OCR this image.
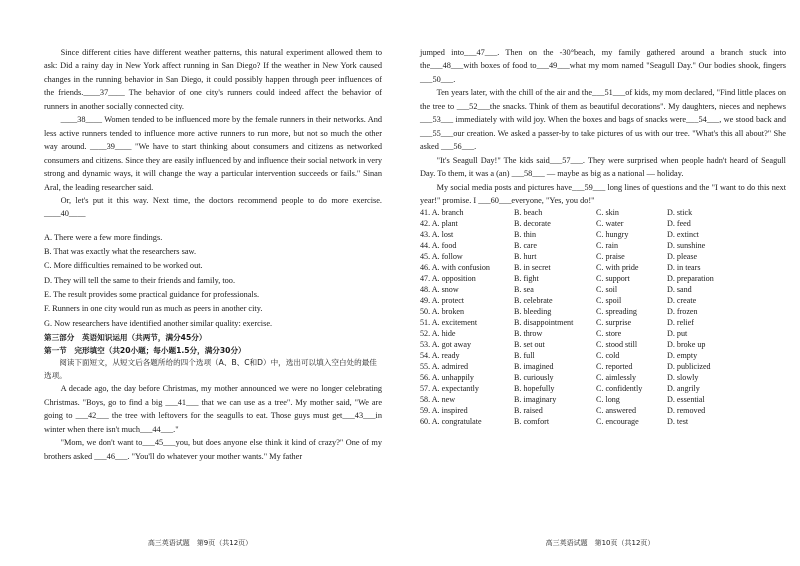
Since different cities have different weather patterns, this natural experiment allowed them to ask: Did a rainy day in New York affect running in San Diego? If the weather in New York caused changes in the running behavior in San Diego, it could possibly happen through peer influences of the friends.____37____ The behavior of one city's runners could indeed affect the behavior of runners in another socially connected city.

____38____ Women tended to be influenced more by the female runners in their networks. And less active runners tended to influence more active runners to run more, but not so much the other way around. ____39____ "We have to start thinking about consumers and citizens as networked consumers and citizens. Since they are easily influenced by and influence their social network in very strong and dynamic ways, it will change the way a particular intervention succeeds or fails." Sinan Aral, the leading researcher said.

Or, let's put it this way. Next time, the doctors recommend people to do more exercise. ____40____

A. There were a few more findings.

B. That was exactly what the researchers saw.

C. More difficulties remained to be worked out.

D. They will tell the same to their friends and family, too.

E. The result provides some practical guidance for professionals.

F. Runners in one city would run as much as peers in another city.

G. Now researchers have identified another similar quality: exercise.

第三部分　英语知识运用（共两节，满分45分）
第一节　完形填空（共20小题；每小题1.5分，满分30分）
阅读下面短文，从短文后各题所给的四个选项（A、B、C和D）中，选出可以填入空白处的最佳选项。

A decade ago, the day before Christmas, my mother announced we were no longer celebrating Christmas. "Boys, go to find a big ___41___ that we can use as a tree". My mother said, "We are going to ___42___ the tree with leftovers for the seagulls to eat. Those guys must get___43___in winter when there isn't much___44___."

"Mom, we don't want to___45___you, but does anyone else think it kind of crazy?" One of my brothers asked ___46___. "You'll do whatever your mother wants." My father

高三英语试题　第9页（共12页）

jumped into___47___. Then on the -30°beach, my family gathered around a branch stuck into the___48___with boxes of food to___49___what my mom named "Seagull Day." Our bodies shook, fingers ___50___.

Ten years later, with the chill of the air and the___51___of kids, my mom declared, "Find little places on the tree to ___52___the snacks. Think of them as beautiful decorations". My daughters, nieces and nephews ___53___ immediately with wild joy. When the boxes and bags of snacks were___54___, we stood back and ___55___our creation. We asked a passer-by to take pictures of us with our tree. "What's this all about?" She asked ___56___.

"It's Seagull Day!" The kids said___57___. They were surprised when people hadn't heard of Seagull Day. To them, it was a (an) ___58___ — maybe as big as a national — holiday.

My social media posts and pictures have___59___ long lines of questions and the "I want to do this next year!" promise. I ___60___everyone, "Yes, you do!"

41. A. branch	B. beach	C. skin	D. stick
42. A. plant	B. decorate	C. water	D. feed
43. A. lost	B. thin	C. hungry	D. extinct
44. A. food	B. care	C. rain	D. sunshine
45. A. follow	B. hurt	C. praise	D. please
46. A. with confusion	B. in secret	C. with pride	D. in tears
47. A. opposition	B. fight	C. support	D. preparation
48. A. snow	B. sea	C. soil	D. sand
49. A. protect	B. celebrate	C. spoil	D. create
50. A. broken	B. bleeding	C. spreading	D. frozen
51. A. excitement	B. disappointment	C. surprise	D. relief
52. A. hide	B. throw	C. store	D. put
53. A. got away	B. set out	C. stood still	D. broke up
54. A. ready	B. full	C. cold	D. empty
55. A. admired	B. imagined	C. reported	D. publicized
56. A. unhappily	B. curiously	C. aimlessly	D. slowly
57. A. expectantly	B. hopefully	C. confidently	D. angrily
58. A. new	B. imaginary	C. long	D. essential
59. A. inspired	B. raised	C. answered	D. removed
60. A. congratulate	B. comfort	C. encourage	D. test
高三英语试题　第10页（共12页）
